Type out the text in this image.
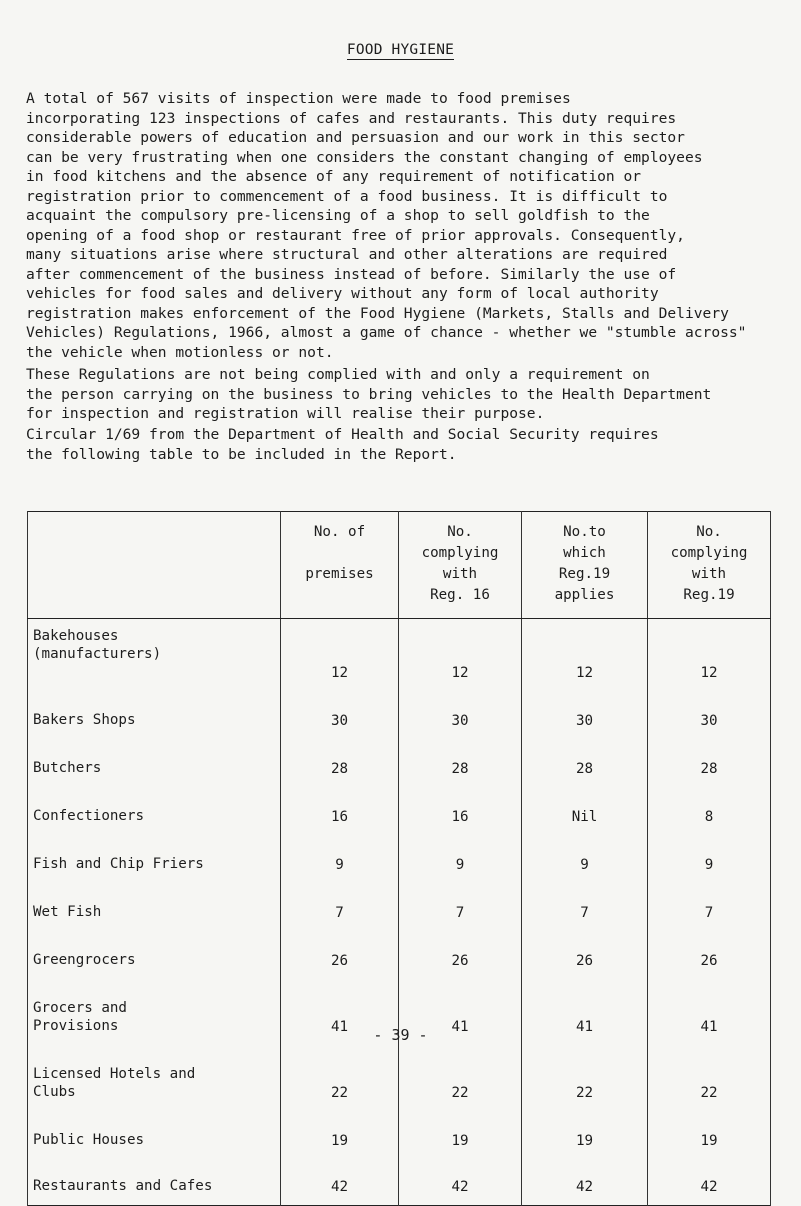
FOOD HYGIENE

A total of 567 visits of inspection were made to food premises
incorporating 123 inspections of cafes and restaurants. This duty requires
considerable powers of education and persuasion and our work in this sector
can be very frustrating when one considers the constant changing of employees
in food kitchens and the absence of any requirement of notification or
registration prior to commencement of a food business. It is difficult to
acquaint the compulsory pre-licensing of a shop to sell goldfish to the
opening of a food shop or restaurant free of prior approvals. Consequently,
many situations arise where structural and other alterations are required
after commencement of the business instead of before. Similarly the use of
vehicles for food sales and delivery without any form of local authority
registration makes enforcement of the Food Hygiene (Markets, Stalls and Delivery
Vehicles) Regulations, 1966, almost a game of chance - whether we "stumble across"
the vehicle when motionless or not.

These Regulations are not being complied with and only a requirement on
the person carrying on the business to bring vehicles to the Health Department
for inspection and registration will realise their purpose.

Circular 1/69 from the Department of Health and Social Security requires
the following table to be included in the Report.

	No. of

premises	No.
complying
with
Reg. 16	No.to
which
Reg.19
applies	No.
complying
with
Reg.19
Bakehouses
(manufacturers)	12	12	12	12
Bakers Shops	30	30	30	30
Butchers	28	28	28	28
Confectioners	16	16	Nil	8
Fish and Chip Friers	9	9	9	9
Wet Fish	7	7	7	7
Greengrocers	26	26	26	26
Grocers and
Provisions	41	41	41	41
Licensed Hotels and
Clubs	22	22	22	22
Public Houses	19	19	19	19
Restaurants and Cafes	42	42	42	42
- 39 -
